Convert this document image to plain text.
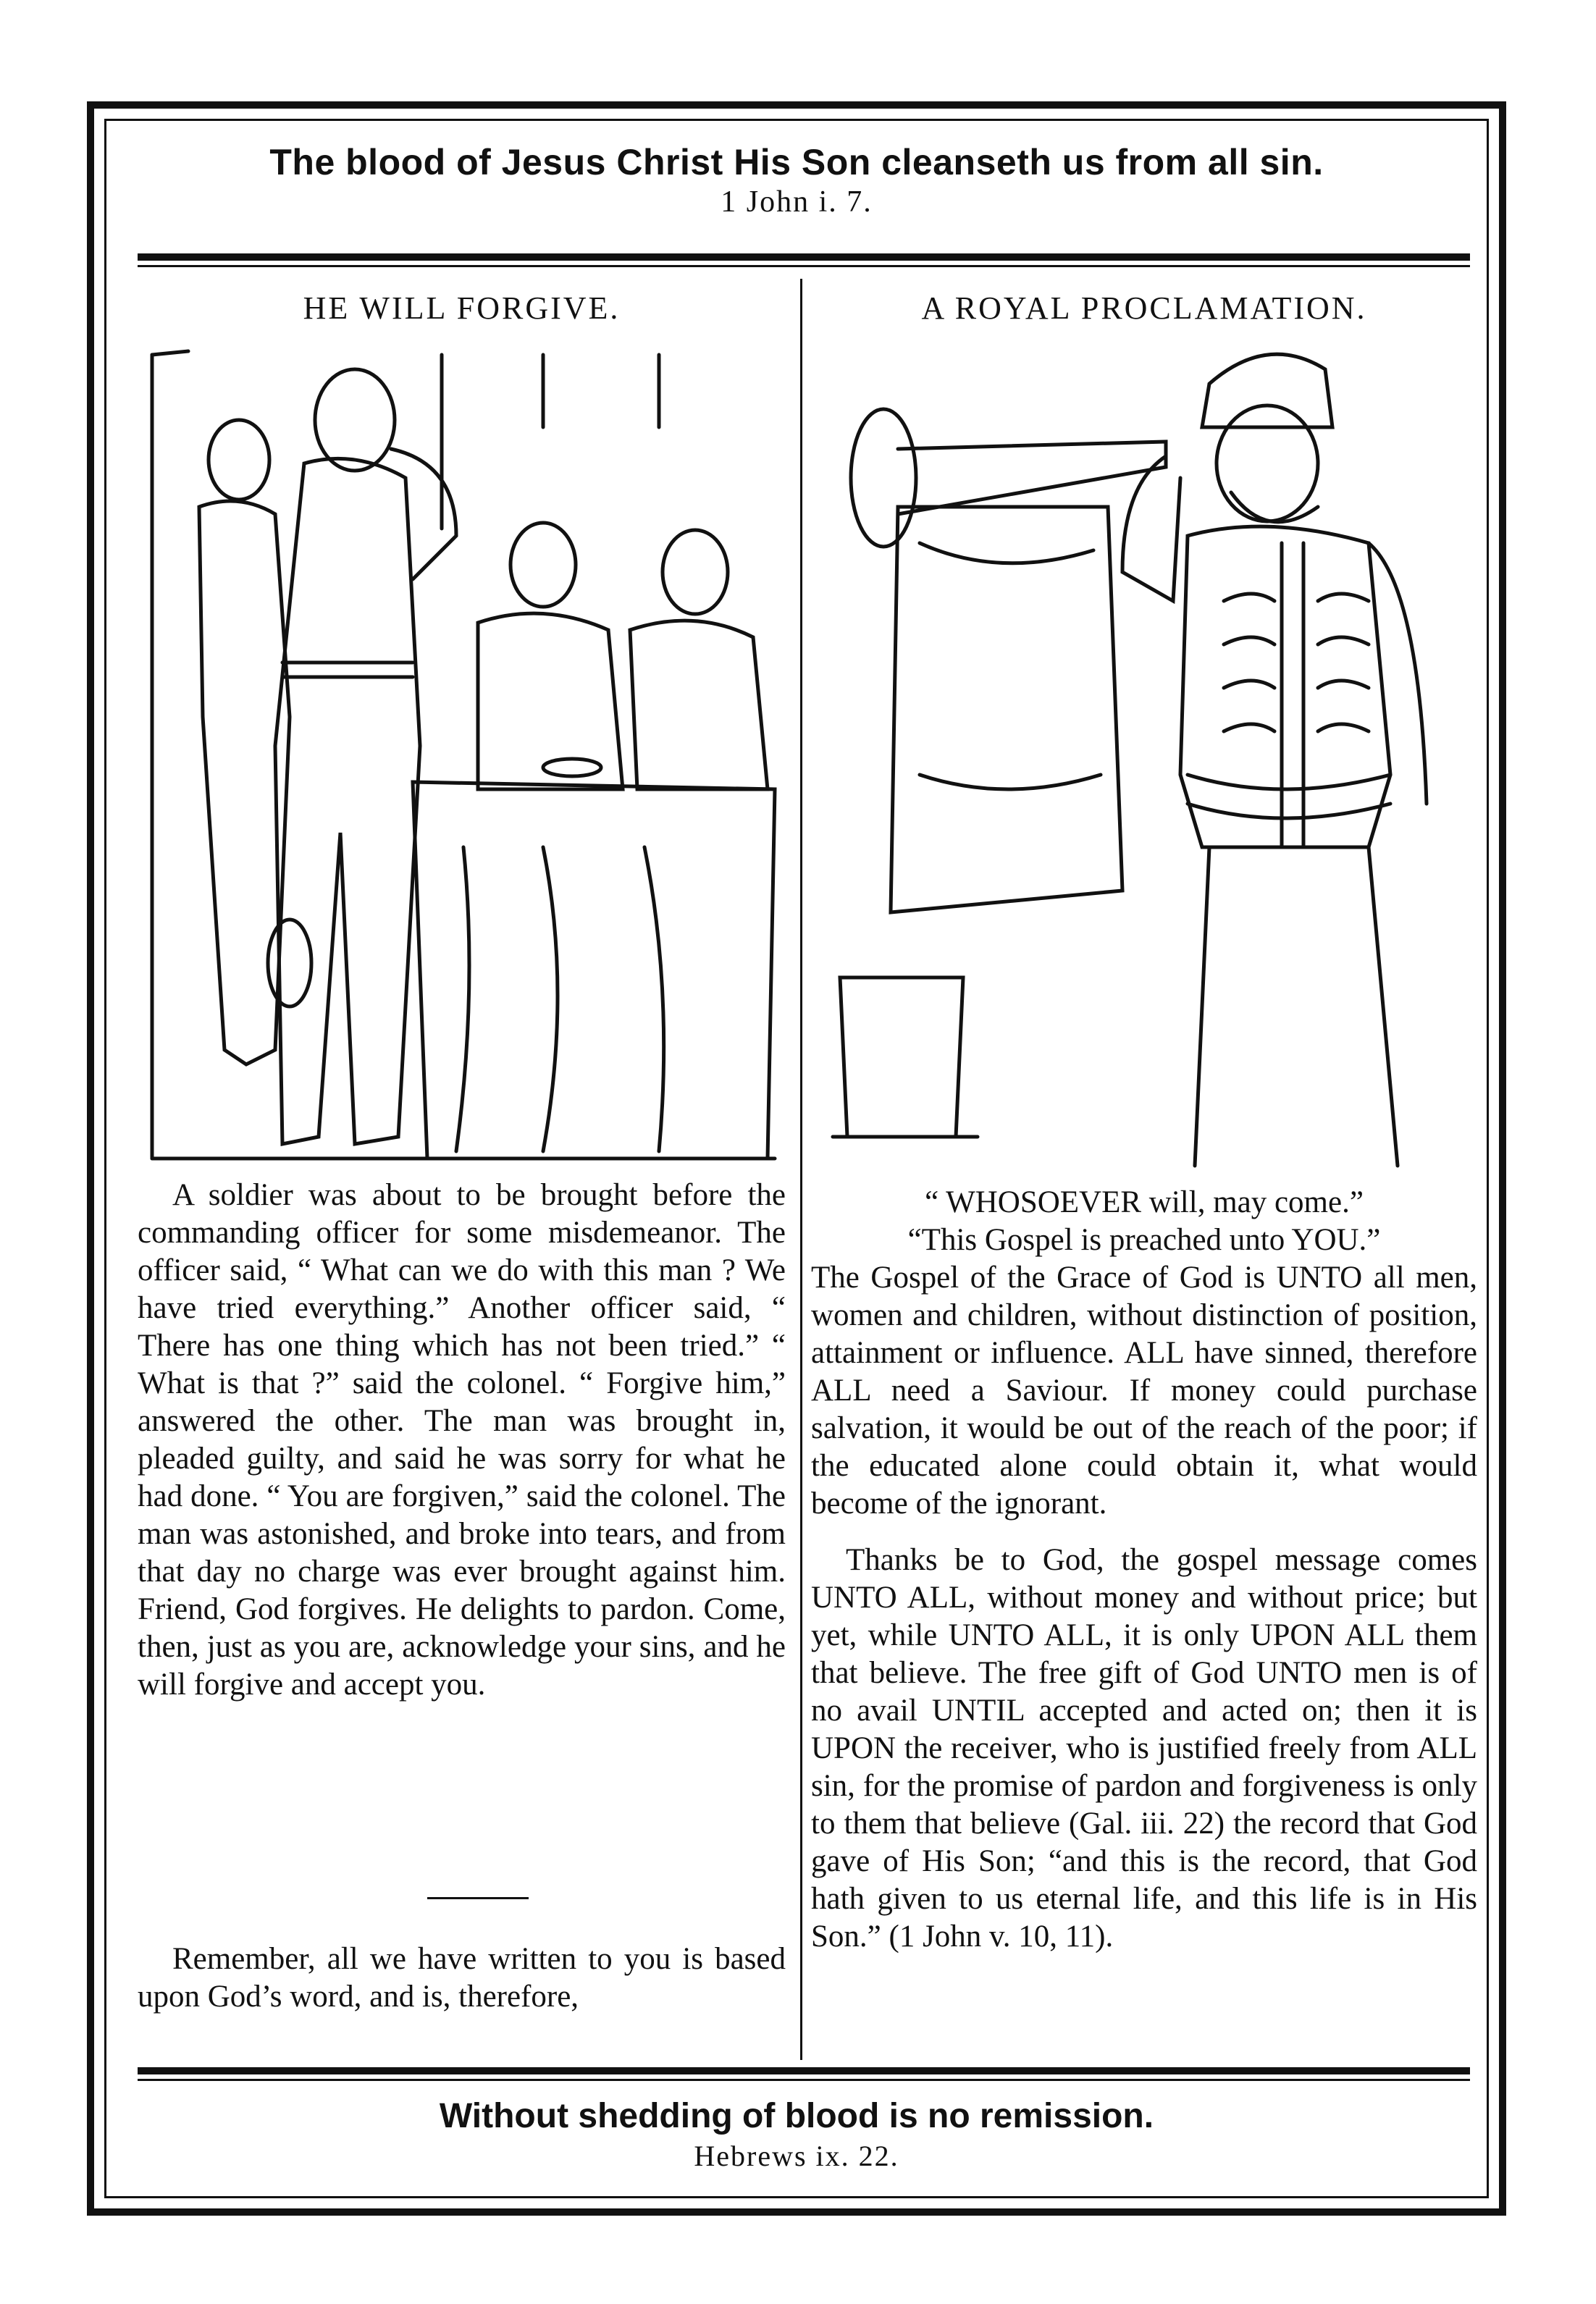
The blood of Jesus Christ His Son cleanseth us from all sin.
1 John i. 7.
HE WILL FORGIVE.

A soldier was about to be brought before the commanding officer for some misdemeanor. The officer said, “ What can we do with this man ? We have tried everything.” Another officer said, “ There has one thing which has not been tried.” “ What is that ?” said the colonel. “ Forgive him,” answered the other. The man was brought in, pleaded guilty, and said he was sorry for what he had done. “ You are forgiven,” said the colonel. The man was astonished, and broke into tears, and from that day no charge was ever brought against him. Friend, God forgives. He delights to pardon. Come, then, just as you are, acknowledge your sins, and he will forgive and accept you.

Remember, all we have written to you is based upon God’s word, and is, therefore,

A ROYAL PROCLAMATION.
“ WHOSOEVER will, may come.”
“This Gospel is preached unto YOU.”

The Gospel of the Grace of God is UNTO all men, women and children, without distinction of position, attainment or influence. ALL have sinned, therefore ALL need a Saviour. If money could purchase salvation, it would be out of the reach of the poor; if the educated alone could obtain it, what would become of the ignorant.

Thanks be to God, the gospel message comes UNTO ALL, without money and without price; but yet, while UNTO ALL, it is only UPON ALL them that believe. The free gift of God UNTO men is of no avail UNTIL accepted and acted on; then it is UPON the receiver, who is justified freely from ALL sin, for the promise of pardon and forgiveness is only to them that believe (Gal. iii. 22) the record that God gave of His Son; “and this is the record, that God hath given to us eternal life, and this life is in His Son.” (1 John v. 10, 11).

Without shedding of blood is no remission.
Hebrews ix. 22.
